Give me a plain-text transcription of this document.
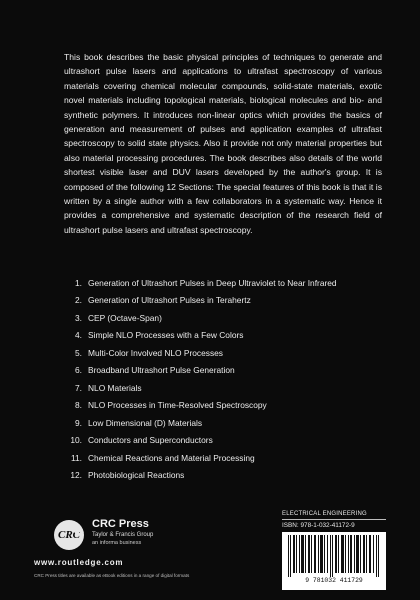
This book describes the basic physical principles of techniques to generate and ultrashort pulse lasers and applications to ultrafast spectroscopy of various materials covering chemical molecular compounds, solid-state materials, exotic novel materials including topological materials, biological molecules and bio- and synthetic polymers. It introduces non-linear optics which provides the basics of generation and measurement of pulses and application examples of ultrafast spectroscopy to solid state physics. Also it provide not only material properties but also material processing procedures. The book describes also details of the world shortest visible laser and DUV lasers developed by the author's group. It is composed of the following 12 Sections: The special features of this book is that it is written by a single author with a few collaborators in a systematic way. Hence it provides a comprehensive and systematic description of the research field of ultrashort pulse lasers and ultrafast spectroscopy.

1. Generation of Ultrashort Pulses in Deep Ultraviolet to Near Infrared
2. Generation of Ultrashort Pulses in Terahertz
3. CEP (Octave-Span)
4. Simple NLO Processes with a Few Colors
5. Multi-Color Involved NLO Processes
6. Broadband Ultrashort Pulse Generation
7. NLO Materials
8. NLO Processes in Time-Resolved Spectroscopy
9. Low Dimensional (D) Materials
10. Conductors and Superconductors
11. Chemical Reactions and Material Processing
12. Photobiological Reactions
CRC
CRC Press
Taylor & Francis Group
an informa business
www.routledge.com
CRC Press titles are available as eBook editions in a range of digital formats
ELECTRICAL ENGINEERING
ISBN: 978-1-032-41172-9
9 781032 411729
